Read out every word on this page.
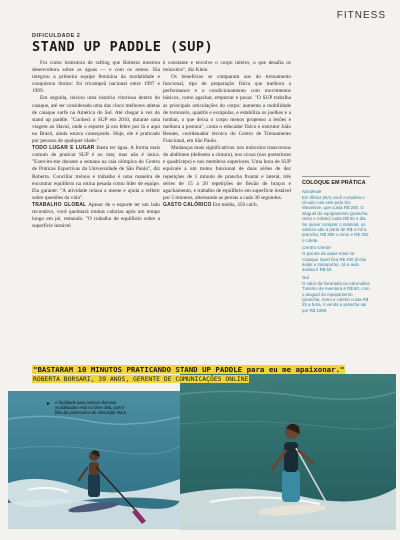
FITNESS
DIFICULDADE 2
STAND UP PADDLE (SUP)

Foi como instrutora de rafting que Roberta mostrou desenvoltura sobre as águas — e com os remos. Ela integrou a primeira equipe feminina da modalidade e conquistou títulos: foi tricampeã nacional entre 1997 e 1999.

Em seguida, iniciou uma história vitoriosa dentro do caiaque, até ser considerada uma das cinco melhores atletas de caiaque surfe na América do Sul. Até chegar à vez do stand up paddle. "Conheci o SUP em 2010, durante uma viagem ao Havaí, onde o esporte já era febre por lá e aqui no Brasil, ainda estava começando. Hoje, ele é praticado por pessoas de qualquer idade."

TODO LUGAR E LUGAR Basta ter água. A forma mais comum de praticar SUP é no mar, mas não é única. "Exercito-me durante a semana na raia olímpica do Centro de Práticas Esportivas da Universidade de São Paulo", diz Roberta. Conciliar treinos e trabalho é uma maneira de encontrar equilíbrio na rotina pesada como líder de equipe. Ela garante: "A atividade relaxa a mente e ajuda a refletir sobre questões da vida".

TRABALHO GLOBAL Apesar de o esporte ter um lado recreativo, você queimará muitas calorias após um tempo longo em pé, remando. "O trabalho de equilíbrio sobre a superfície instável

é constante e envolve o corpo inteiro, o que desafia os músculos", diz Klein.

Os benefícios se comparam aos do treinamento funcional, tipo de preparação física que melhora a performance e o condicionamento com movimentos básicos, como agachar, empurrar e puxar. "O SUP trabalha as principais articulações do corpo: aumenta a mobilidade de tornozelo, quadris e escápulas, e estabiliza os joelhos e a lombar, o que deixa o corpo menos propenso a lesões e melhora a postura", conta o educador físico e instrutor João Renato, coordenador técnico do Centro de Treinamento Funcional, em São Paulo.

Mudanças mais significativas: nos músculos transversos do abdômen (defesem a cintura), nos coxas (nos posteriores e quadríceps) e nos membros superiores. Uma hora de SUP equivale a um treino funcional de duas séries de dez repetições de 1 minuto de prancha frontal e lateral, três séries de 15 a 20 repetições de flexão de braços e agachamento, e trabalho de equilíbrio em superfície instável por 5 minutos, alternando as pernas a cada 30 segundos.

GASTO CALÓRICO Em média, 350 cal/h.

COLOQUE EM PRÁTICA
Nordeste
Em Ilhéus (BA) você completa o circuito nas sete pelo trio Wavelove, que custa R$ 200. O aluguel do equipamento (prancha, remo e colete) custa R$ 50 o dia. Se quiser comprar o material, os valores são a partir de R$ 4 mil a prancha, R$ 350 o remo e R$ 250 o colete.
Centro-Oeste
O pacote de aulas mais na Caiaque Sport fica R$ 200 (inclui aulas e transporte). Já a aula avulsa é R$ 60.
Sul
O valor da hora/aula na Adrenalina Turismo de Aventura é R$ 60, com o aluguel do equipamento (prancha, remo e colete) custa R$ 25 a hora. A venda a prancha sai por R$ 1990.
▸ A facilidade para praticar diversas modalidades está no DNA dela, pois é filha de professores de educação física
"BASTARAM 10 MINUTOS PRATICANDO STAND UP PADDLE para eu me apaixonar." ROBERTA BORSARI, 39 ANOS, GERENTE DE COMUNICAÇÕES ONLINE
